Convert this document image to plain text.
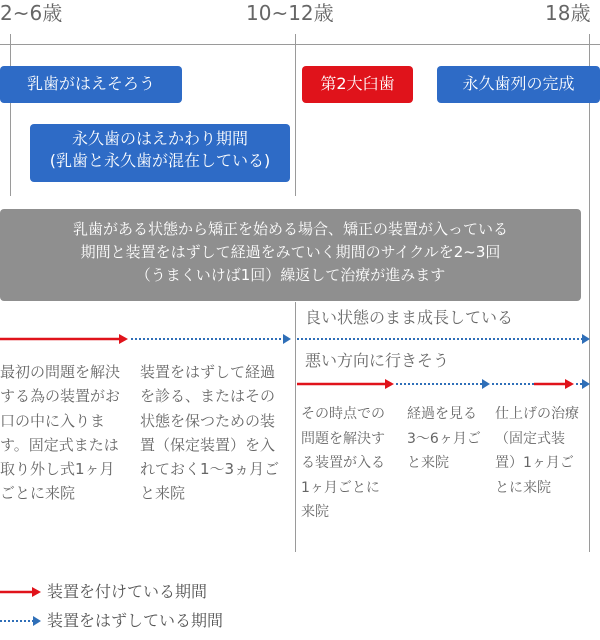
2~6歳	10~12歳	18歳
乳歯がはえそろう	第2大臼歯	永久歯列の完成
永久歯のはえかわり期間
(乳歯と永久歯が混在している)
乳歯がある状態から矯正を始める場合、矯正の装置が入っている
期間と装置をはずして経過をみていく期間のサイクルを2~3回
（うまくいけば1回）繰返して治療が進みます
良い状態のまま成長している
悪い方向に行きそう
最初の問題を解決する為の装置がお口の中に入ります。固定式または取り外し式1ヶ月ごとに来院
装置をはずして経過を診る、またはその状態を保つための装置（保定装置）を入れておく1〜3ヵ月ごと来院
その時点での問題を解決する装置が入る1ヶ月ごとに来院
経過を見る3〜6ヶ月ごと来院
仕上げの治療（固定式装置）1ヶ月ごとに来院
装置を付けている期間
装置をはずしている期間
